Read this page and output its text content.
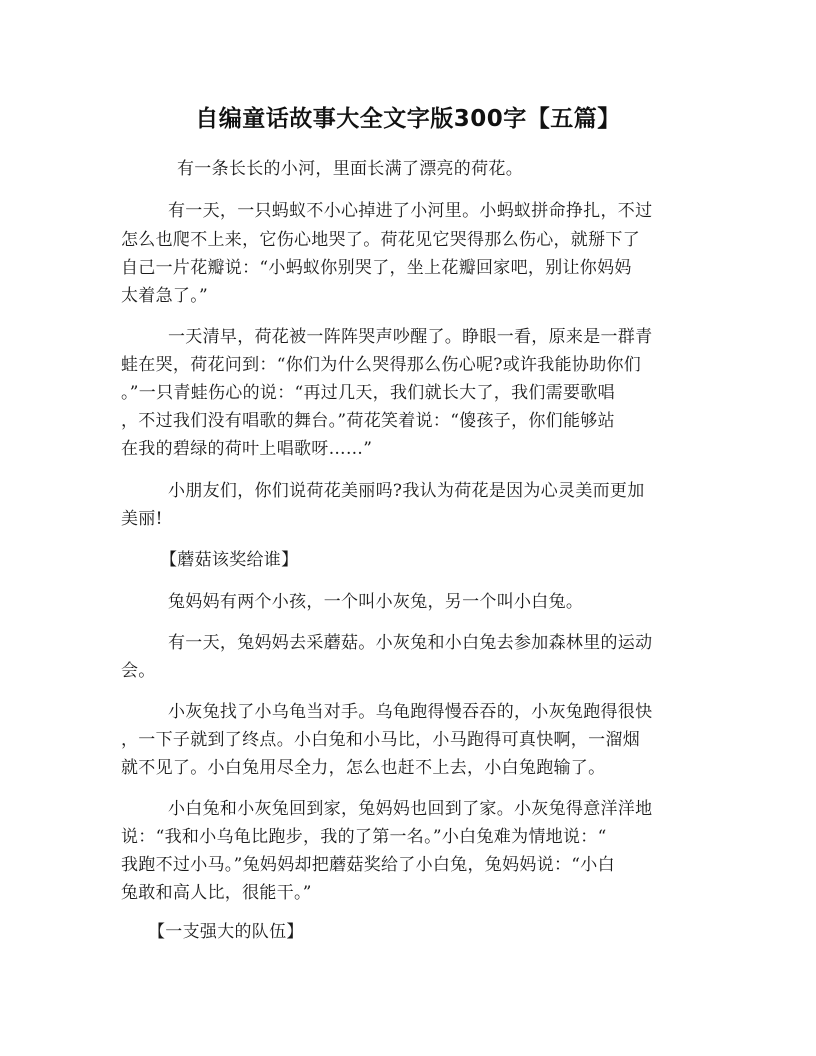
自编童话故事大全文字版300字【五篇】
有一条长长的小河，里面长满了漂亮的荷花。
有一天，一只蚂蚁不小心掉进了小河里。小蚂蚁拼命挣扎，不过
怎么也爬不上来，它伤心地哭了。荷花见它哭得那么伤心，就掰下了
自己一片花瓣说：“小蚂蚁你别哭了，坐上花瓣回家吧，别让你妈妈
太着急了。”
一天清早，荷花被一阵阵哭声吵醒了。睁眼一看，原来是一群青
蛙在哭，荷花问到：“你们为什么哭得那么伤心呢?或许我能协助你们
。”一只青蛙伤心的说：“再过几天，我们就长大了，我们需要歌唱
，不过我们没有唱歌的舞台。”荷花笑着说：“傻孩子，你们能够站
在我的碧绿的荷叶上唱歌呀……”
小朋友们，你们说荷花美丽吗?我认为荷花是因为心灵美而更加
美丽!
【蘑菇该奖给谁】
兔妈妈有两个小孩，一个叫小灰兔，另一个叫小白兔。
有一天，兔妈妈去采蘑菇。小灰兔和小白兔去参加森林里的运动
会。
小灰兔找了小乌龟当对手。乌龟跑得慢吞吞的，小灰兔跑得很快
，一下子就到了终点。小白兔和小马比，小马跑得可真快啊，一溜烟
就不见了。小白兔用尽全力，怎么也赶不上去，小白兔跑输了。
小白兔和小灰兔回到家，兔妈妈也回到了家。小灰兔得意洋洋地
说：“我和小乌龟比跑步，我的了第一名。”小白兔难为情地说：“
我跑不过小马。”兔妈妈却把蘑菇奖给了小白兔，兔妈妈说：“小白
兔敢和高人比，很能干。”
【一支强大的队伍】
